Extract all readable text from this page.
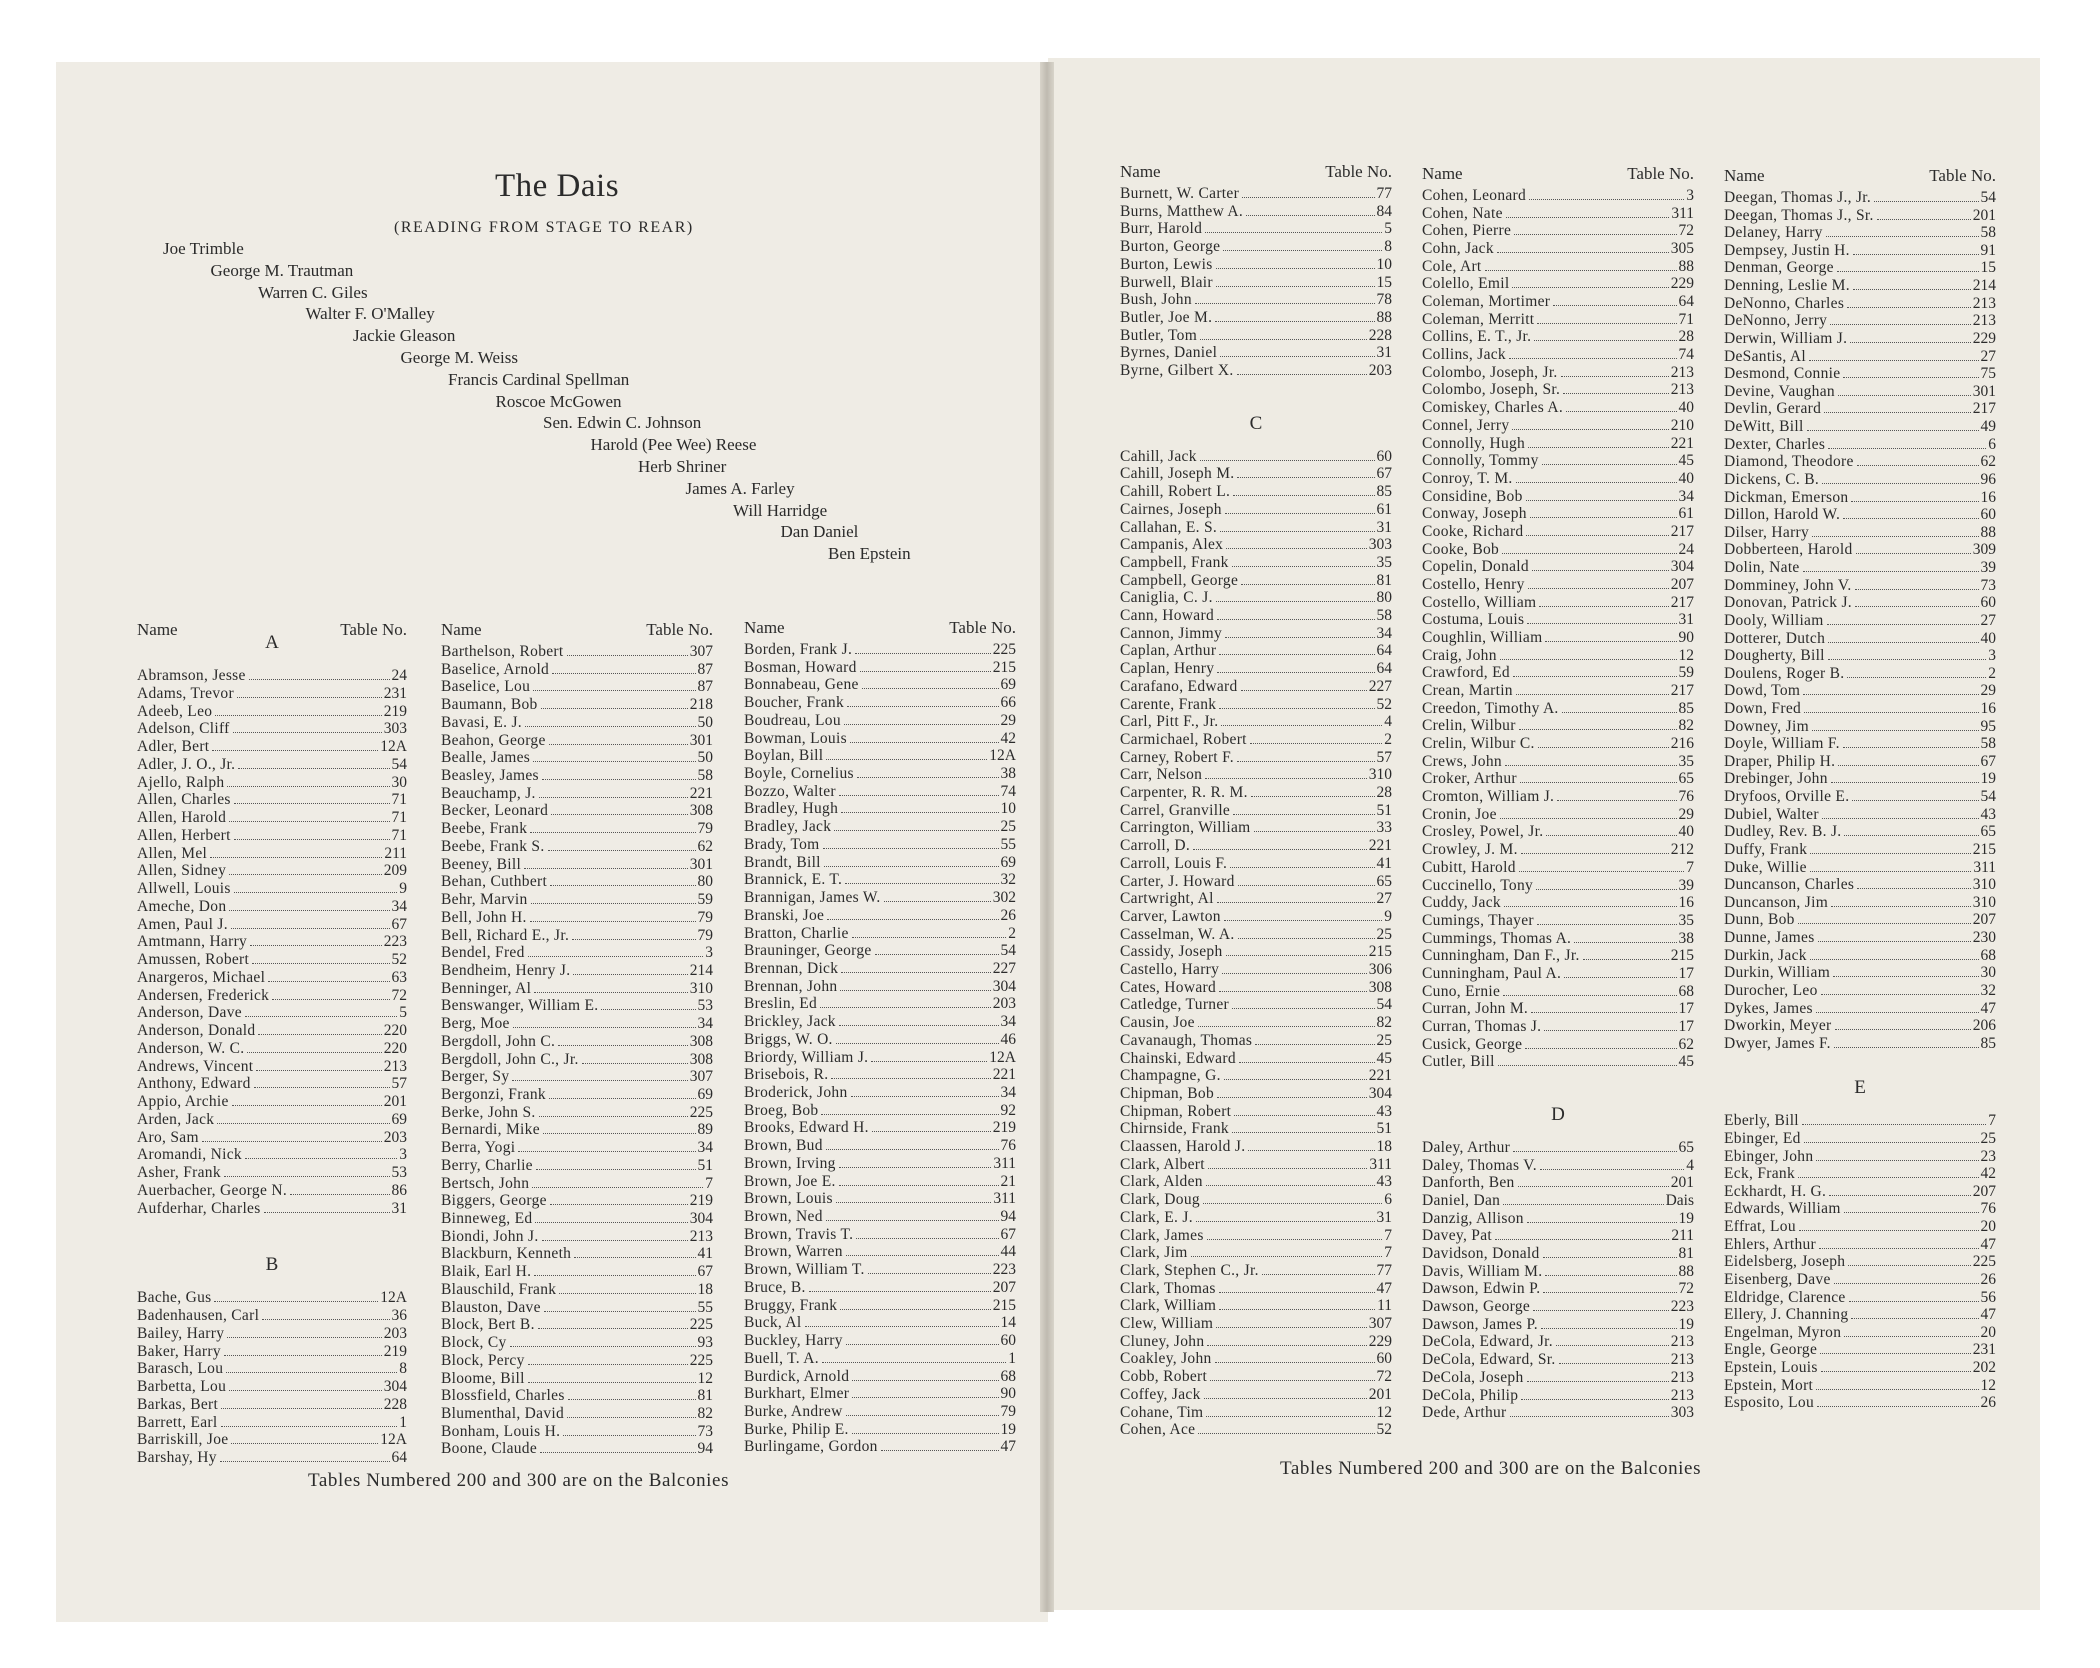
The Dais
(READING FROM STAGE TO REAR)
Joe Trimble
George M. Trautman
Warren C. Giles
Walter F. O'Malley
Jackie Gleason
George M. Weiss
Francis Cardinal Spellman
Roscoe McGowen
Sen. Edwin C. Johnson
Harold (Pee Wee) Reese
Herb Shriner
James A. Farley
Will Harridge
Dan Daniel
Ben Epstein
Name	Table No.
A
Abramson, Jesse	24
Adams, Trevor	231
Adeeb, Leo	219
Adelson, Cliff	303
Adler, Bert	12A
Adler, J. O., Jr.	54
Ajello, Ralph	30
Allen, Charles	71
Allen, Harold	71
Allen, Herbert	71
Allen, Mel	211
Allen, Sidney	209
Allwell, Louis	9
Ameche, Don	34
Amen, Paul J.	67
Amtmann, Harry	223
Amussen, Robert	52
Anargeros, Michael	63
Andersen, Frederick	72
Anderson, Dave	5
Anderson, Donald	220
Anderson, W. C.	220
Andrews, Vincent	213
Anthony, Edward	57
Appio, Archie	201
Arden, Jack	69
Aro, Sam	203
Aromandi, Nick	3
Asher, Frank	53
Auerbacher, George N.	86
Aufderhar, Charles	31
B
Bache, Gus	12A
Badenhausen, Carl	36
Bailey, Harry	203
Baker, Harry	219
Barasch, Lou	8
Barbetta, Lou	304
Barkas, Bert	228
Barrett, Earl	1
Barriskill, Joe	12A
Barshay, Hy	64
Name	Table No.
Barthelson, Robert	307
Baselice, Arnold	87
Baselice, Lou	87
Baumann, Bob	218
Bavasi, E. J.	50
Beahon, George	301
Bealle, James	50
Beasley, James	58
Beauchamp, J.	221
Becker, Leonard	308
Beebe, Frank	79
Beebe, Frank S.	62
Beeney, Bill	301
Behan, Cuthbert	80
Behr, Marvin	59
Bell, John H.	79
Bell, Richard E., Jr.	79
Bendel, Fred	3
Bendheim, Henry J.	214
Benninger, Al	310
Benswanger, William E.	53
Berg, Moe	34
Bergdoll, John C.	308
Bergdoll, John C., Jr.	308
Berger, Sy	307
Bergonzi, Frank	69
Berke, John S.	225
Bernardi, Mike	89
Berra, Yogi	34
Berry, Charlie	51
Bertsch, John	7
Biggers, George	219
Binneweg, Ed	304
Biondi, John J.	213
Blackburn, Kenneth	41
Blaik, Earl H.	67
Blauschild, Frank	18
Blauston, Dave	55
Block, Bert B.	225
Block, Cy	93
Block, Percy	225
Bloome, Bill	12
Blossfield, Charles	81
Blumenthal, David	82
Bonham, Louis H.	73
Boone, Claude	94
Name	Table No.
Borden, Frank J.	225
Bosman, Howard	215
Bonnabeau, Gene	69
Boucher, Frank	66
Boudreau, Lou	29
Bowman, Louis	42
Boylan, Bill	12A
Boyle, Cornelius	38
Bozzo, Walter	74
Bradley, Hugh	10
Bradley, Jack	25
Brady, Tom	55
Brandt, Bill	69
Brannick, E. T.	32
Brannigan, James W.	302
Branski, Joe	26
Bratton, Charlie	2
Brauninger, George	54
Brennan, Dick	227
Brennan, John	304
Breslin, Ed	203
Brickley, Jack	34
Briggs, W. O.	46
Briordy, William J.	12A
Brisebois, R.	221
Broderick, John	34
Broeg, Bob	92
Brooks, Edward H.	219
Brown, Bud	76
Brown, Irving	311
Brown, Joe E.	21
Brown, Louis	311
Brown, Ned	94
Brown, Travis T.	67
Brown, Warren	44
Brown, William T.	223
Bruce, B.	207
Bruggy, Frank	215
Buck, Al	14
Buckley, Harry	60
Buell, T. A.	1
Burdick, Arnold	68
Burkhart, Elmer	90
Burke, Andrew	79
Burke, Philip E.	19
Burlingame, Gordon	47
Name	Table No.
Burnett, W. Carter	77
Burns, Matthew A.	84
Burr, Harold	5
Burton, George	8
Burton, Lewis	10
Burwell, Blair	15
Bush, John	78
Butler, Joe M.	88
Butler, Tom	228
Byrnes, Daniel	31
Byrne, Gilbert X.	203
C
Cahill, Jack	60
Cahill, Joseph M.	67
Cahill, Robert L.	85
Cairnes, Joseph	61
Callahan, E. S.	31
Campanis, Alex	303
Campbell, Frank	35
Campbell, George	81
Caniglia, C. J.	80
Cann, Howard	58
Cannon, Jimmy	34
Caplan, Arthur	64
Caplan, Henry	64
Carafano, Edward	227
Carente, Frank	52
Carl, Pitt F., Jr.	4
Carmichael, Robert	2
Carney, Robert F.	57
Carr, Nelson	310
Carpenter, R. R. M.	28
Carrel, Granville	51
Carrington, William	33
Carroll, D.	221
Carroll, Louis F.	41
Carter, J. Howard	65
Cartwright, Al	27
Carver, Lawton	9
Casselman, W. A.	25
Cassidy, Joseph	215
Castello, Harry	306
Cates, Howard	308
Catledge, Turner	54
Causin, Joe	82
Cavanaugh, Thomas	25
Chainski, Edward	45
Champagne, G.	221
Chipman, Bob	304
Chipman, Robert	43
Chirnside, Frank	51
Claassen, Harold J.	18
Clark, Albert	311
Clark, Alden	43
Clark, Doug	6
Clark, E. J.	31
Clark, James	7
Clark, Jim	7
Clark, Stephen C., Jr.	77
Clark, Thomas	47
Clark, William	11
Clew, William	307
Cluney, John	229
Coakley, John	60
Cobb, Robert	72
Coffey, Jack	201
Cohane, Tim	12
Cohen, Ace	52
Name	Table No.
Cohen, Leonard	3
Cohen, Nate	311
Cohen, Pierre	72
Cohn, Jack	305
Cole, Art	88
Colello, Emil	229
Coleman, Mortimer	64
Coleman, Merritt	71
Collins, E. T., Jr.	28
Collins, Jack	74
Colombo, Joseph, Jr.	213
Colombo, Joseph, Sr.	213
Comiskey, Charles A.	40
Connel, Jerry	210
Connolly, Hugh	221
Connolly, Tommy	45
Conroy, T. M.	40
Considine, Bob	34
Conway, Joseph	61
Cooke, Richard	217
Cooke, Bob	24
Copelin, Donald	304
Costello, Henry	207
Costello, William	217
Costuma, Louis	31
Coughlin, William	90
Craig, John	12
Crawford, Ed	59
Crean, Martin	217
Creedon, Timothy A.	85
Crelin, Wilbur	82
Crelin, Wilbur C.	216
Crews, John	35
Croker, Arthur	65
Cromton, William J.	76
Cronin, Joe	29
Crosley, Powel, Jr.	40
Crowley, J. M.	212
Cubitt, Harold	7
Cuccinello, Tony	39
Cuddy, Jack	16
Cumings, Thayer	35
Cummings, Thomas A.	38
Cunningham, Dan F., Jr.	215
Cunningham, Paul A.	17
Cuno, Ernie	68
Curran, John M.	17
Curran, Thomas J.	17
Cusick, George	62
Cutler, Bill	45
D
Daley, Arthur	65
Daley, Thomas V.	4
Danforth, Ben	201
Daniel, Dan	Dais
Danzig, Allison	19
Davey, Pat	211
Davidson, Donald	81
Davis, William M.	88
Dawson, Edwin P.	72
Dawson, George	223
Dawson, James P.	19
DeCola, Edward, Jr.	213
DeCola, Edward, Sr.	213
DeCola, Joseph	213
DeCola, Philip	213
Dede, Arthur	303
Name	Table No.
Deegan, Thomas J., Jr.	54
Deegan, Thomas J., Sr.	201
Delaney, Harry	58
Dempsey, Justin H.	91
Denman, George	15
Denning, Leslie M.	214
DeNonno, Charles	213
DeNonno, Jerry	213
Derwin, William J.	229
DeSantis, Al	27
Desmond, Connie	75
Devine, Vaughan	301
Devlin, Gerard	217
DeWitt, Bill	49
Dexter, Charles	6
Diamond, Theodore	62
Dickens, C. B.	96
Dickman, Emerson	16
Dillon, Harold W.	60
Dilser, Harry	88
Dobberteen, Harold	309
Dolin, Nate	39
Domminey, John V.	73
Donovan, Patrick J.	60
Dooly, William	27
Dotterer, Dutch	40
Dougherty, Bill	3
Doulens, Roger B.	2
Dowd, Tom	29
Down, Fred	16
Downey, Jim	95
Doyle, William F.	58
Draper, Philip H.	67
Drebinger, John	19
Dryfoos, Orville E.	54
Dubiel, Walter	43
Dudley, Rev. B. J.	65
Duffy, Frank	215
Duke, Willie	311
Duncanson, Charles	310
Duncanson, Jim	310
Dunn, Bob	207
Dunne, James	230
Durkin, Jack	68
Durkin, William	30
Durocher, Leo	32
Dykes, James	47
Dworkin, Meyer	206
Dwyer, James F.	85
E
Eberly, Bill	7
Ebinger, Ed	25
Ebinger, John	23
Eck, Frank	42
Eckhardt, H. G.	207
Edwards, William	76
Effrat, Lou	20
Ehlers, Arthur	47
Eidelsberg, Joseph	225
Eisenberg, Dave	26
Eldridge, Clarence	56
Ellery, J. Channing	47
Engelman, Myron	20
Engle, George	231
Epstein, Louis	202
Epstein, Mort	12
Esposito, Lou	26
Tables Numbered 200 and 300 are on the Balconies
Tables Numbered 200 and 300 are on the Balconies
